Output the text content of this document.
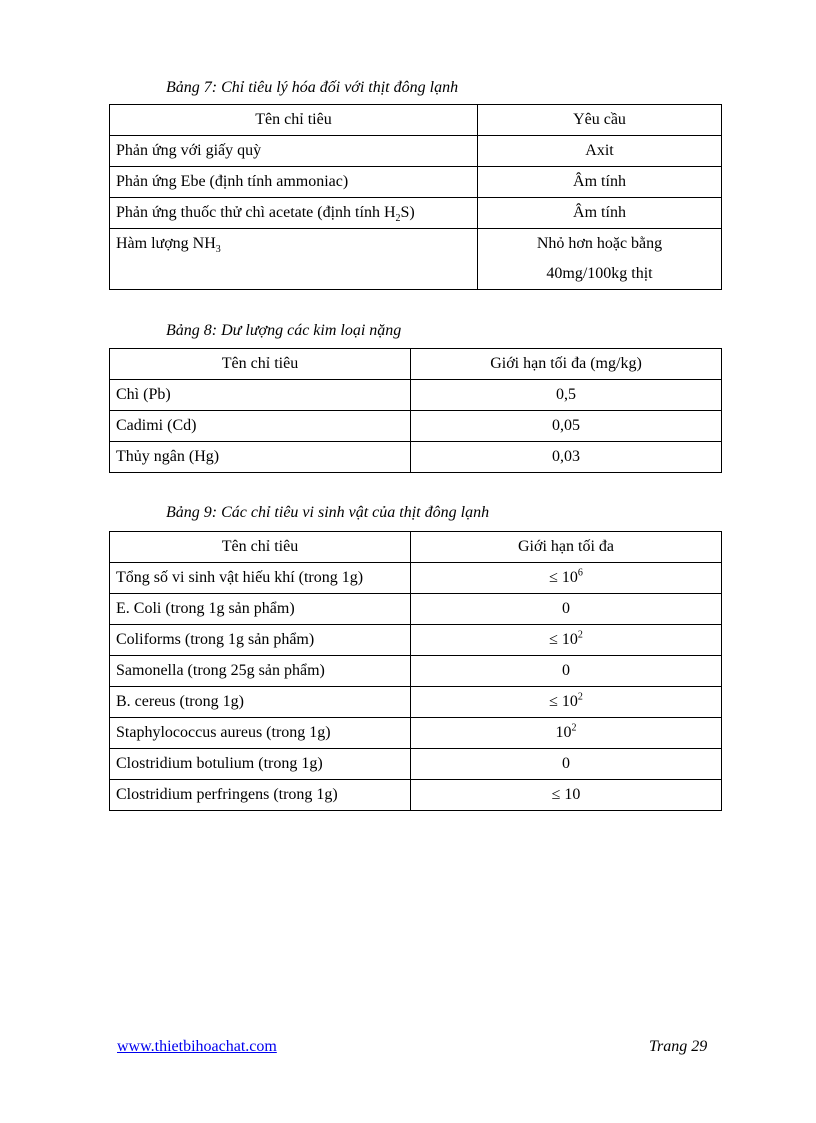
Bảng 7: Chỉ tiêu lý hóa đối với thịt đông lạnh
Tên chỉ tiêu	Yêu cầu
Phản ứng với giấy quỳ	Axit
Phản ứng Ebe (định tính ammoniac)	Âm tính
Phản ứng thuốc thử chì acetate (định tính $H_2S$)	Âm tính
Hàm lượng $NH_3$	Nhỏ hơn hoặc bằng
40mg/100kg thịt
Bảng 8: Dư lượng các kim loại nặng
Tên chỉ tiêu	Giới hạn tối đa (mg/kg)
Chì (Pb)	0,5
Cadimi (Cd)	0,05
Thủy ngân (Hg)	0,03
Bảng 9: Các chỉ tiêu vi sinh vật của thịt đông lạnh
Tên chỉ tiêu	Giới hạn tối đa
Tổng số vi sinh vật hiếu khí (trong 1g)	≤ $10^6$
E. Coli (trong 1g sản phẩm)	0
Coliforms (trong 1g sản phẩm)	≤ $10^2$
Samonella (trong 25g sản phẩm)	0
B. cereus (trong 1g)	≤ $10^2$
Staphylococcus aureus (trong 1g)	$10^2$
Clostridium botulium (trong 1g)	0
Clostridium perfringens (trong 1g)	≤ 10
www.thietbihoachat.com	Trang 29
